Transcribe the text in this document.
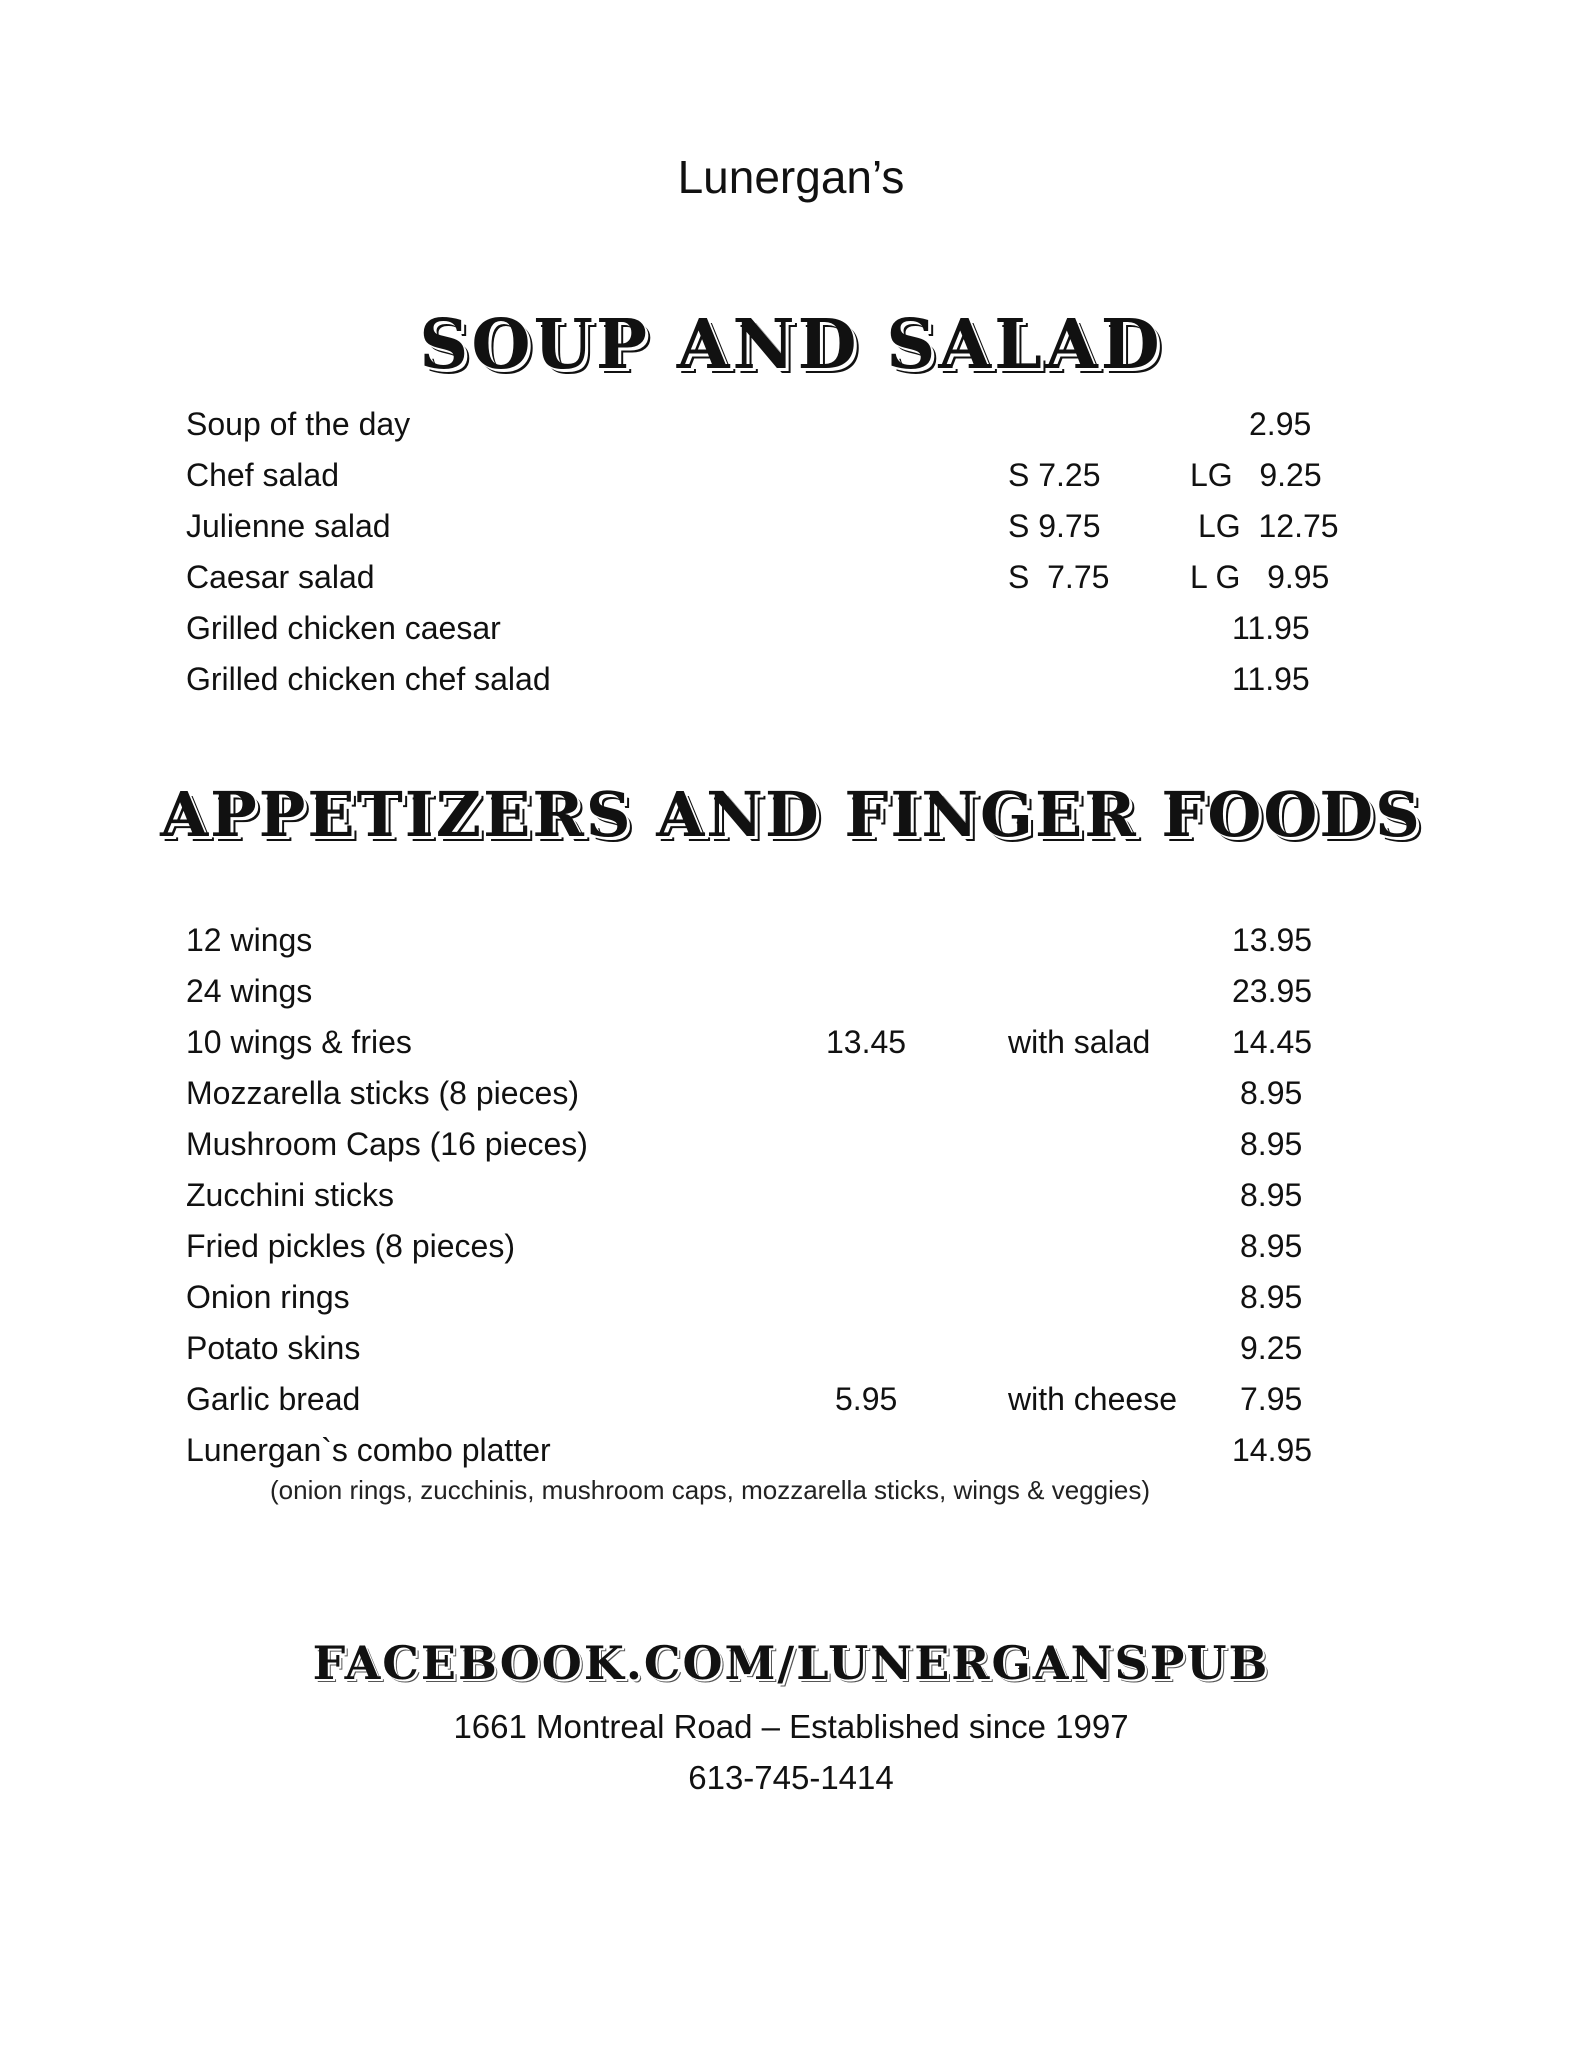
Lunergan’s
SOUP AND SALAD
Soup of the day	2.95
Chef salad	S 7.25	LG   9.25
Julienne salad	S 9.75	LG  12.75
Caesar salad	S  7.75	L G   9.95
Grilled chicken caesar	11.95
Grilled chicken chef salad	11.95
APPETIZERS AND FINGER FOODS
12 wings	13.95
24 wings	23.95
10 wings & fries	13.45	with salad	14.45
Mozzarella sticks (8 pieces)	8.95
Mushroom Caps (16 pieces)	8.95
Zucchini sticks	8.95
Fried pickles (8 pieces)	8.95
Onion rings	8.95
Potato skins	9.25
Garlic bread	5.95	with cheese 7.95
Lunergan`s combo platter	14.95
(onion rings, zucchinis, mushroom caps, mozzarella sticks, wings & veggies)
FACEBOOK.COM/LUNERGANSPUB
1661 Montreal Road – Established since 1997
613-745-1414
